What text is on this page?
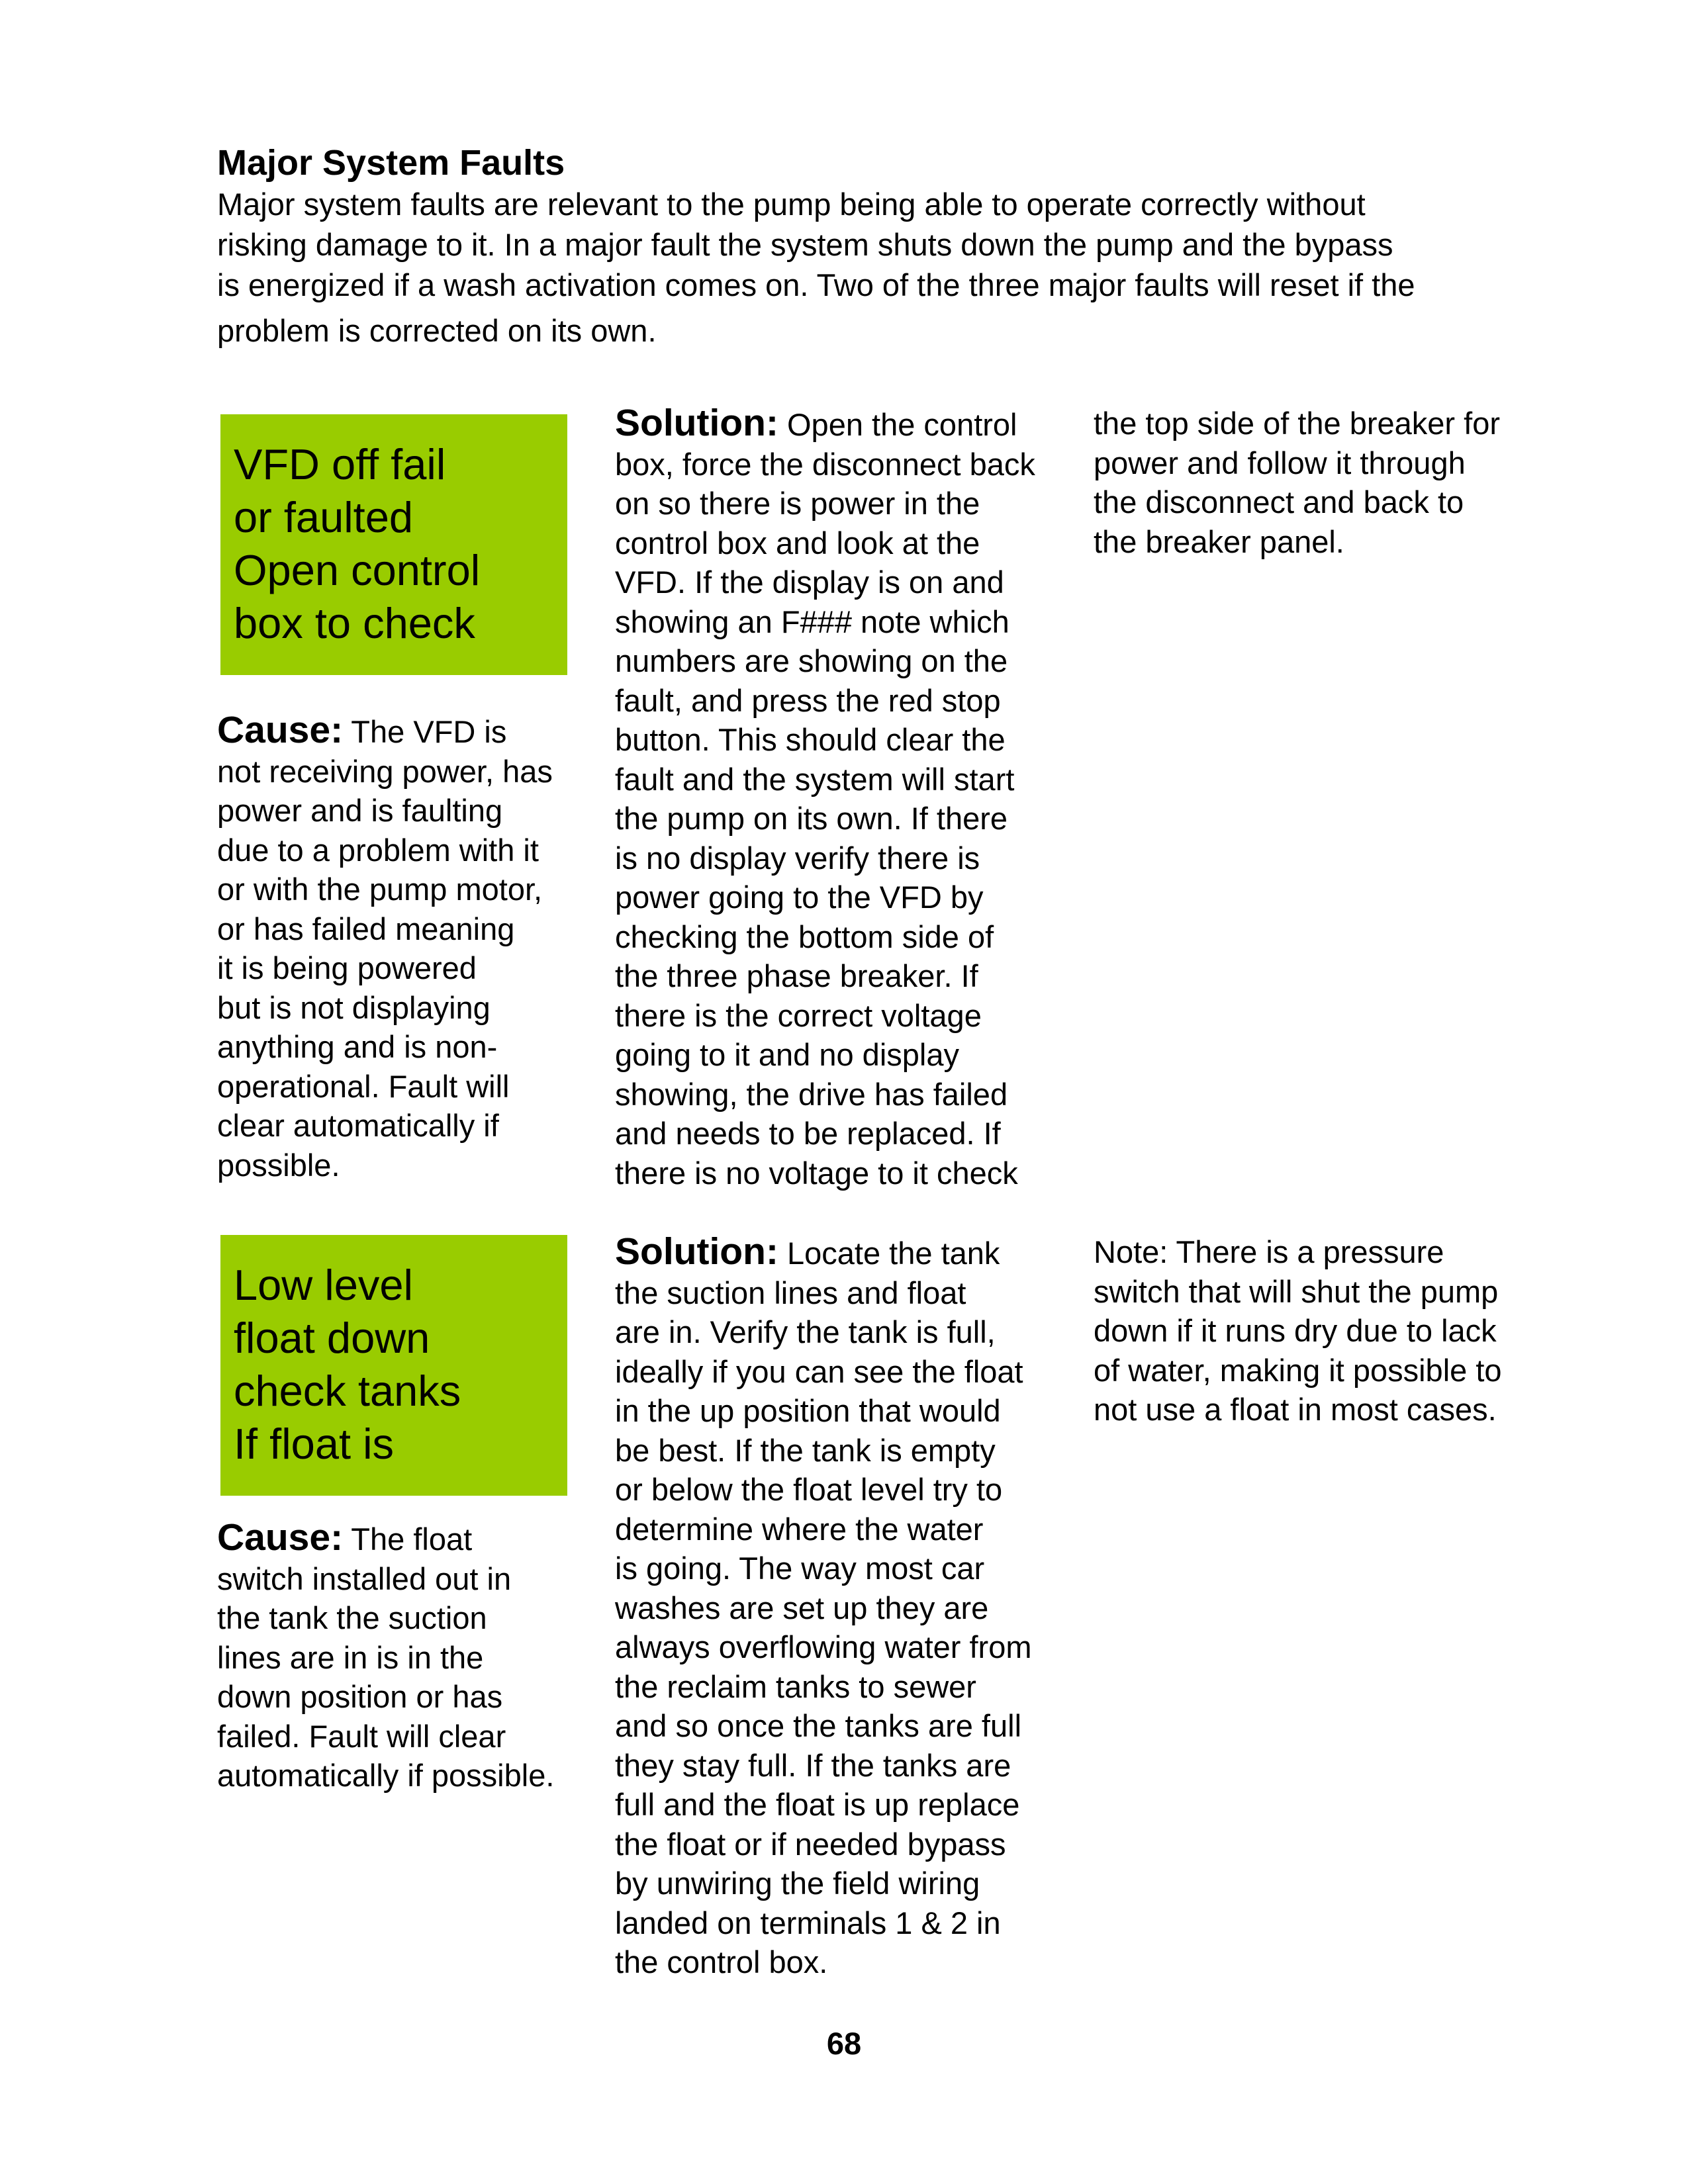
Major System Faults
Major system faults are relevant to the pump being able to operate correctly without
risking damage to it. In a major fault the system shuts down the pump and the bypass
is energized if a wash activation comes on. Two of the three major faults will reset if the
problem is corrected on its own.
VFD off fail
or faulted
Open control
box to check
Cause: The VFD is
not receiving power, has
power and is faulting
due to a problem with it
or with the pump motor,
or has failed meaning
it is being powered
but is not displaying
anything and is non-
operational. Fault will
clear automatically if
possible.
Solution: Open the control
box, force the disconnect back
on so there is power in the
control box and look at the
VFD. If the display is on and
showing an F### note which
numbers are showing on the
fault, and press the red stop
button. This should clear the
fault and the system will start
the pump on its own. If there
is no display verify there is
power going to the VFD by
checking the bottom side of
the three phase breaker. If
there is the correct voltage
going to it and no display
showing, the drive has failed
and needs to be replaced. If
there is no voltage to it check
the top side of the breaker for
power and follow it through
the disconnect and back to
the breaker panel.
Low level
float down
check tanks
If float is
Cause: The float
switch installed out in
the tank the suction
lines are in is in the
down position or has
failed. Fault will clear
automatically if possible.
Solution: Locate the tank
the suction lines and float
are in. Verify the tank is full,
ideally if you can see the float
in the up position that would
be best. If the tank is empty
or below the float level try to
determine where the water
is going. The way most car
washes are set up they are
always overflowing water from
the reclaim tanks to sewer
and so once the tanks are full
they stay full. If the tanks are
full and the float is up replace
the float or if needed bypass
by unwiring the field wiring
landed on terminals 1 & 2 in
the control box.
Note: There is a pressure
switch that will shut the pump
down if it runs dry due to lack
of water, making it possible to
not use a float in most cases.
68
